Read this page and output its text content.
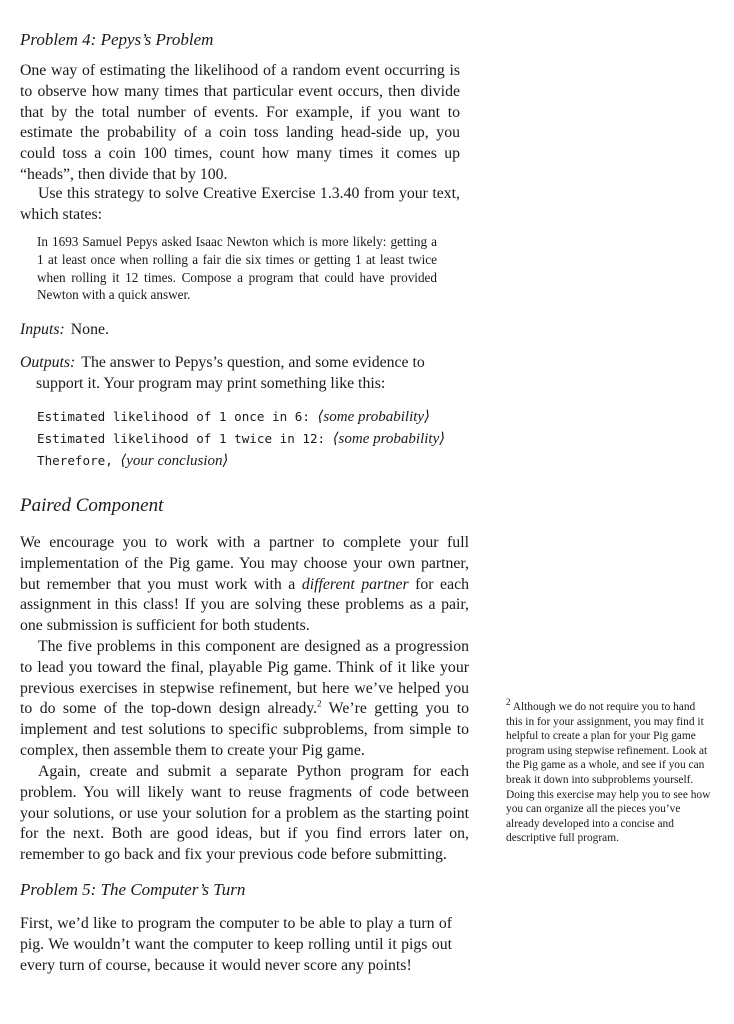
Problem 4: Pepys’s Problem

One way of estimating the likelihood of a random event occurring is to observe how many times that particular event occurs, then divide that by the total number of events. For example, if you want to estimate the probability of a coin toss landing head-side up, you could toss a coin 100 times, count how many times it comes up “heads”, then divide that by 100.

Use this strategy to solve Creative Exercise 1.3.40 from your text, which states:

In 1693 Samuel Pepys asked Isaac Newton which is more likely: getting a 1 at least once when rolling a fair die six times or getting 1 at least twice when rolling it 12 times. Compose a program that could have provided Newton with a quick answer.

Inputs: None.

Outputs: The answer to Pepys’s question, and some evidence to support it. Your program may print something like this:

Estimated likelihood of 1 once in 6: ⟨some probability⟩

Estimated likelihood of 1 twice in 12: ⟨some probability⟩

Therefore, ⟨your conclusion⟩

Paired Component

We encourage you to work with a partner to complete your full implementation of the Pig game. You may choose your own partner, but remember that you must work with a different partner for each assignment in this class! If you are solving these problems as a pair, one submission is sufficient for both students.

The five problems in this component are designed as a progression to lead you toward the final, playable Pig game. Think of it like your previous exercises in stepwise refinement, but here we’ve helped you to do some of the top-down design already.$^2$ We’re getting you to implement and test solutions to specific subproblems, from simple to complex, then assemble them to create your Pig game.

Again, create and submit a separate Python program for each problem. You will likely want to reuse fragments of code between your solutions, or use your solution for a problem as the starting point for the next. Both are good ideas, but if you find errors later on, remember to go back and fix your previous code before submitting.

$^2$ Although we do not require you to hand this in for your assignment, you may find it helpful to create a plan for your Pig game program using stepwise refinement. Look at the Pig game as a whole, and see if you can break it down into subproblems yourself. Doing this exercise may help you to see how you can organize all the pieces you’ve already developed into a concise and descriptive full program.

Problem 5: The Computer’s Turn

First, we’d like to program the computer to be able to play a turn of pig. We wouldn’t want the computer to keep rolling until it pigs out every turn of course, because it would never score any points!
